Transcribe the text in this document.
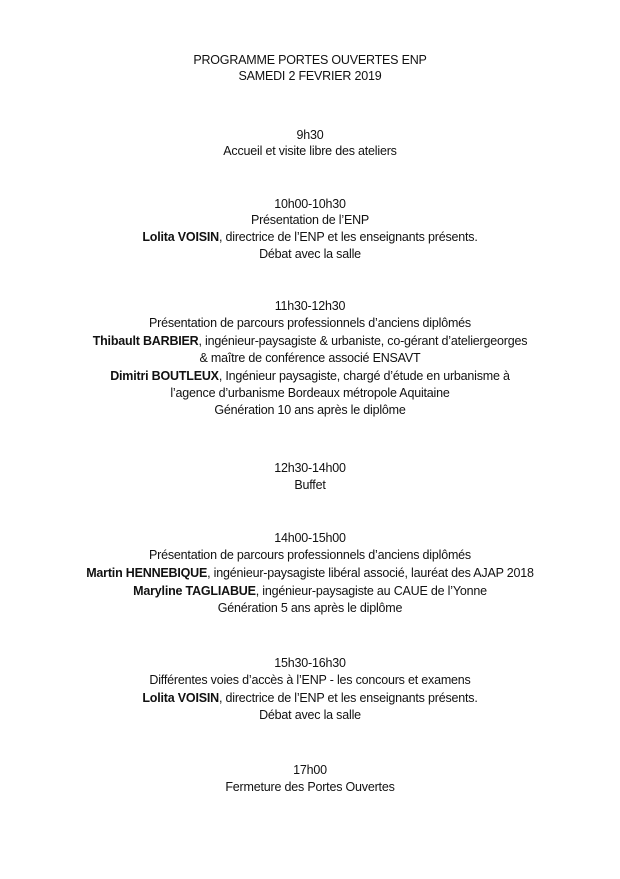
PROGRAMME PORTES OUVERTES ENP
SAMEDI 2 FEVRIER 2019
9h30
Accueil et visite libre des ateliers
10h00-10h30
Présentation de l’ENP
Lolita VOISIN, directrice de l’ENP et les enseignants présents.
Débat avec la salle
11h30-12h30
Présentation de parcours professionnels d’anciens diplômés
Thibault BARBIER, ingénieur-paysagiste & urbaniste, co-gérant d’ateliergeorges
& maître de conférence associé ENSAVT
Dimitri BOUTLEUX, Ingénieur paysagiste, chargé d’étude en urbanisme à
l’agence d’urbanisme Bordeaux métropole Aquitaine
Génération 10 ans après le diplôme
12h30-14h00
Buffet
14h00-15h00
Présentation de parcours professionnels d’anciens diplômés
Martin HENNEBIQUE, ingénieur-paysagiste libéral associé, lauréat des AJAP 2018
Maryline TAGLIABUE, ingénieur-paysagiste au CAUE de l’Yonne
Génération 5 ans après le diplôme
15h30-16h30
Différentes voies d’accès à l’ENP - les concours et examens
Lolita VOISIN, directrice de l’ENP et les enseignants présents.
Débat avec la salle
17h00
Fermeture des Portes Ouvertes
